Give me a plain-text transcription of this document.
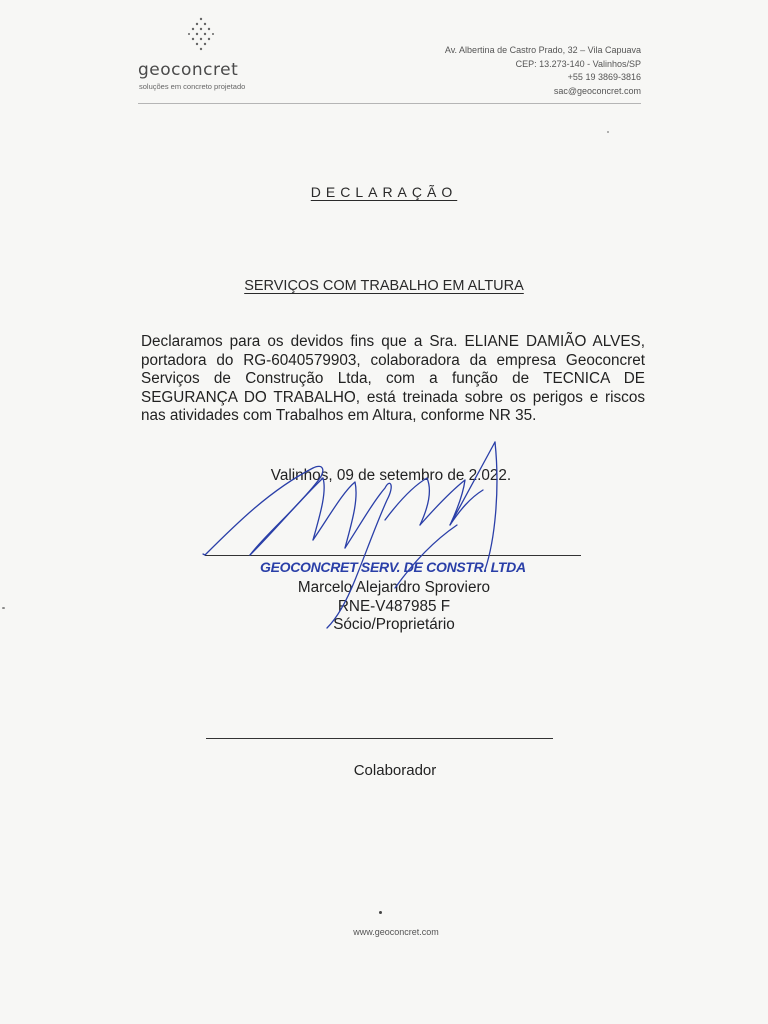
geoconcret
soluções em concreto projetado
Av. Albertina de Castro Prado, 32 – Vila Capuava
CEP: 13.273-140 - Valinhos/SP
+55 19 3869-3816
sac@geoconcret.com
DECLARAÇÃO
SERVIÇOS COM TRABALHO EM ALTURA
Declaramos para os devidos fins que a Sra. ELIANE DAMIÃO ALVES, portadora do RG-6040579903, colaboradora da empresa Geoconcret Serviços de Construção Ltda, com a função de TECNICA DE SEGURANÇA DO TRABALHO, está treinada sobre os perigos e riscos nas atividades com Trabalhos em Altura, conforme NR 35.
Valinhos, 09 de setembro de 2.022.
GEOCONCRET SERV. DE CONSTR. LTDA
Marcelo Alejandro Sproviero
RNE-V487985 F
Sócio/Proprietário
Colaborador
www.geoconcret.com
